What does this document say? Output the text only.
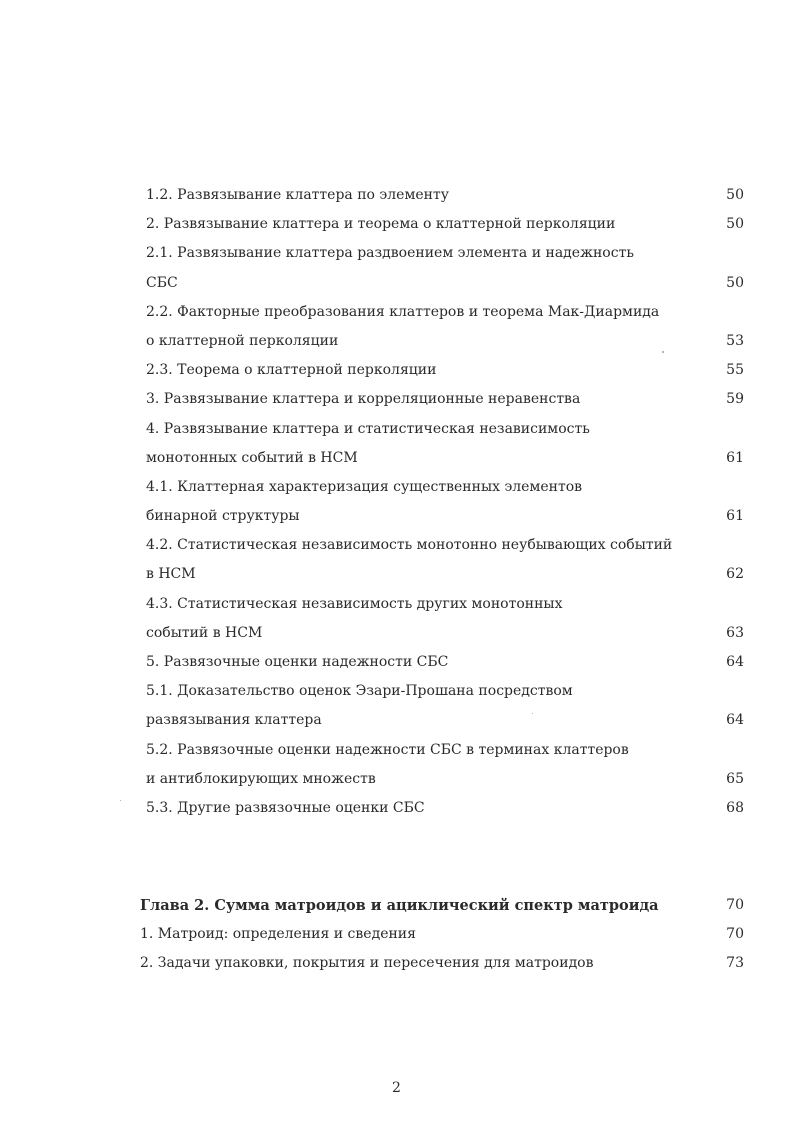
1.2. Развязывание клаттера по элементу	50
2. Развязывание клаттера и теорема о клаттерной перколяции	50
2.1. Развязывание клаттера раздвоением элемента и надежность
СБС	50
2.2. Факторные преобразования клаттеров и теорема Мак-Диармида
о клаттерной перколяции	53
2.3. Теорема о клаттерной перколяции	55
3. Развязывание клаттера и корреляционные неравенства	59
4. Развязывание клаттера и статистическая независимость
монотонных событий в НСМ	61
4.1. Клаттерная характеризация существенных элементов
бинарной структуры	61
4.2. Статистическая независимость монотонно неубывающих событий
в НСМ	62
4.3. Статистическая независимость других монотонных
событий в НСМ	63
5. Развязочные оценки надежности СБС	64
5.1. Доказательство оценок Эзари-Прошана посредством
развязывания клаттера	64
5.2. Развязочные оценки надежности СБС в терминах клаттеров
и антиблокирующих множеств	65
5.3. Другие развязочные оценки СБС	68
Глава 2. Сумма матроидов и ациклический спектр матроида	70
1. Матроид: определения и сведения	70
2. Задачи упаковки, покрытия и пересечения для матроидов	73
2
